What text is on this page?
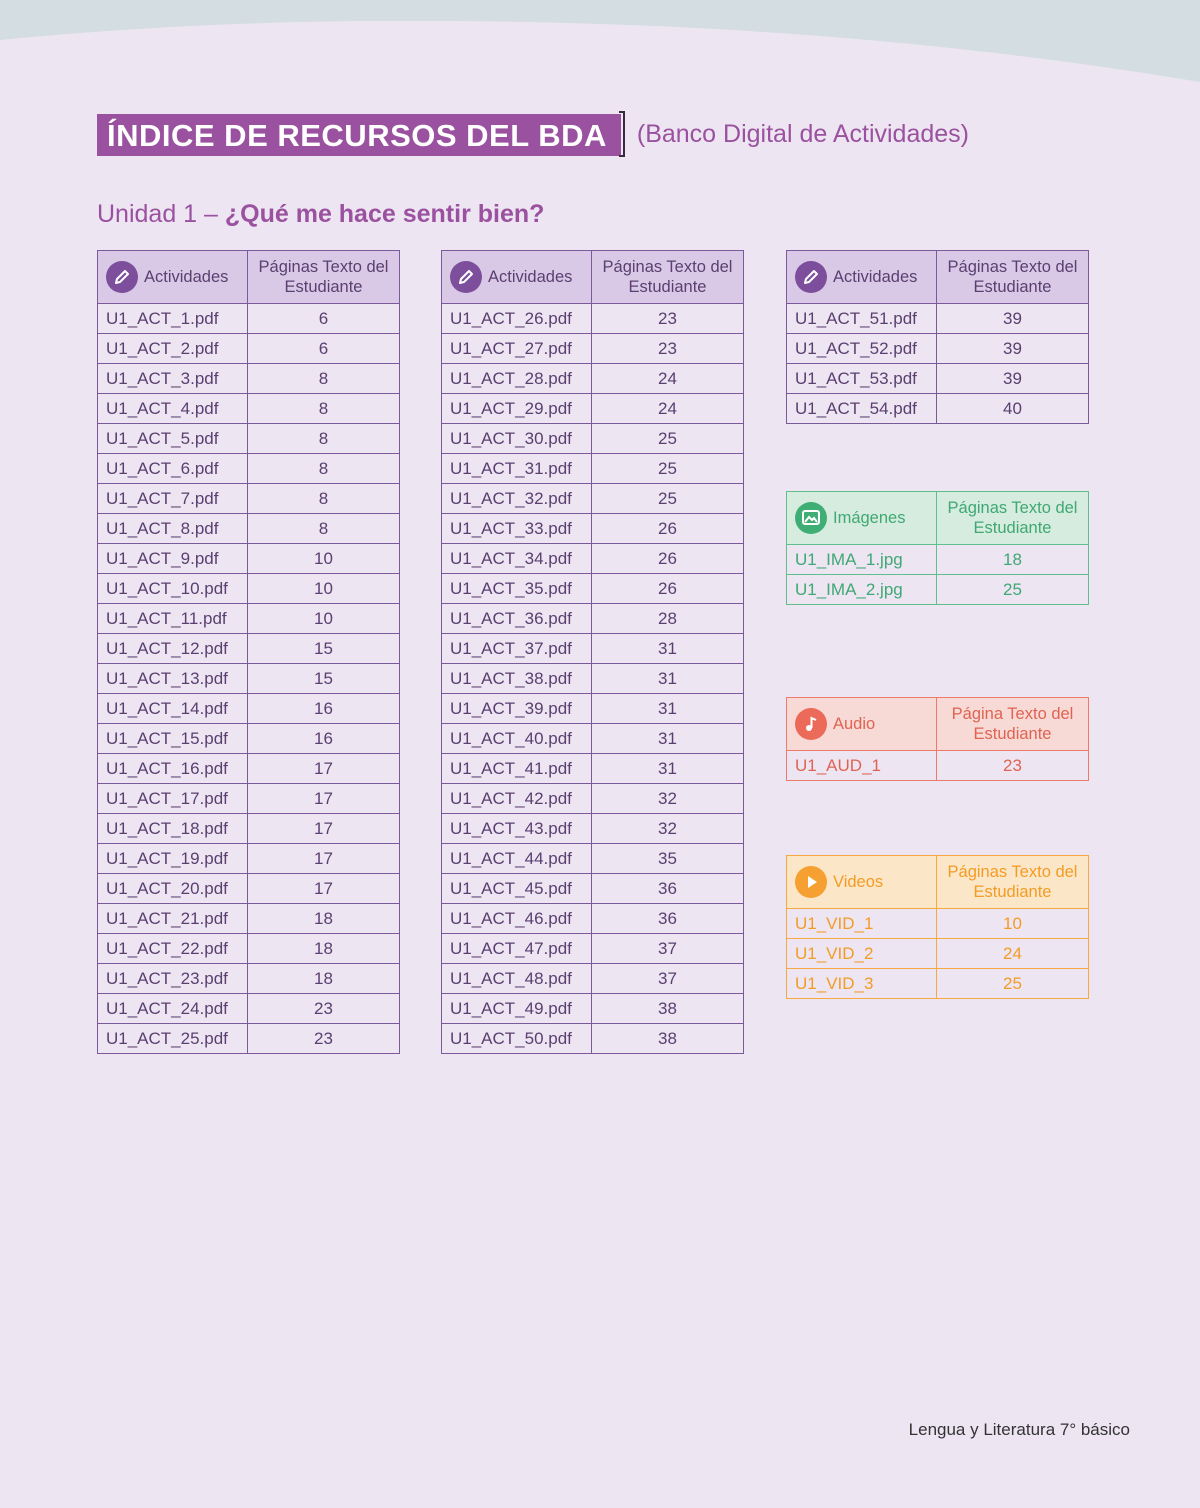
ÍNDICE DE RECURSOS DEL BDA	(Banco Digital de Actividades)
Unidad 1 – ¿Qué me hace sentir bien?
Actividades	Páginas Texto del Estudiante
U1_ACT_1.pdf	6
U1_ACT_2.pdf	6
U1_ACT_3.pdf	8
U1_ACT_4.pdf	8
U1_ACT_5.pdf	8
U1_ACT_6.pdf	8
U1_ACT_7.pdf	8
U1_ACT_8.pdf	8
U1_ACT_9.pdf	10
U1_ACT_10.pdf	10
U1_ACT_11.pdf	10
U1_ACT_12.pdf	15
U1_ACT_13.pdf	15
U1_ACT_14.pdf	16
U1_ACT_15.pdf	16
U1_ACT_16.pdf	17
U1_ACT_17.pdf	17
U1_ACT_18.pdf	17
U1_ACT_19.pdf	17
U1_ACT_20.pdf	17
U1_ACT_21.pdf	18
U1_ACT_22.pdf	18
U1_ACT_23.pdf	18
U1_ACT_24.pdf	23
U1_ACT_25.pdf	23
Actividades	Páginas Texto del Estudiante
U1_ACT_26.pdf	23
U1_ACT_27.pdf	23
U1_ACT_28.pdf	24
U1_ACT_29.pdf	24
U1_ACT_30.pdf	25
U1_ACT_31.pdf	25
U1_ACT_32.pdf	25
U1_ACT_33.pdf	26
U1_ACT_34.pdf	26
U1_ACT_35.pdf	26
U1_ACT_36.pdf	28
U1_ACT_37.pdf	31
U1_ACT_38.pdf	31
U1_ACT_39.pdf	31
U1_ACT_40.pdf	31
U1_ACT_41.pdf	31
U1_ACT_42.pdf	32
U1_ACT_43.pdf	32
U1_ACT_44.pdf	35
U1_ACT_45.pdf	36
U1_ACT_46.pdf	36
U1_ACT_47.pdf	37
U1_ACT_48.pdf	37
U1_ACT_49.pdf	38
U1_ACT_50.pdf	38
Actividades	Páginas Texto del Estudiante
U1_ACT_51.pdf	39
U1_ACT_52.pdf	39
U1_ACT_53.pdf	39
U1_ACT_54.pdf	40
Imágenes	Páginas Texto del Estudiante
U1_IMA_1.jpg	18
U1_IMA_2.jpg	25
Audio	Página Texto del Estudiante
U1_AUD_1	23
Videos	Páginas Texto del Estudiante
U1_VID_1	10
U1_VID_2	24
U1_VID_3	25
Lengua y Literatura 7° básico
